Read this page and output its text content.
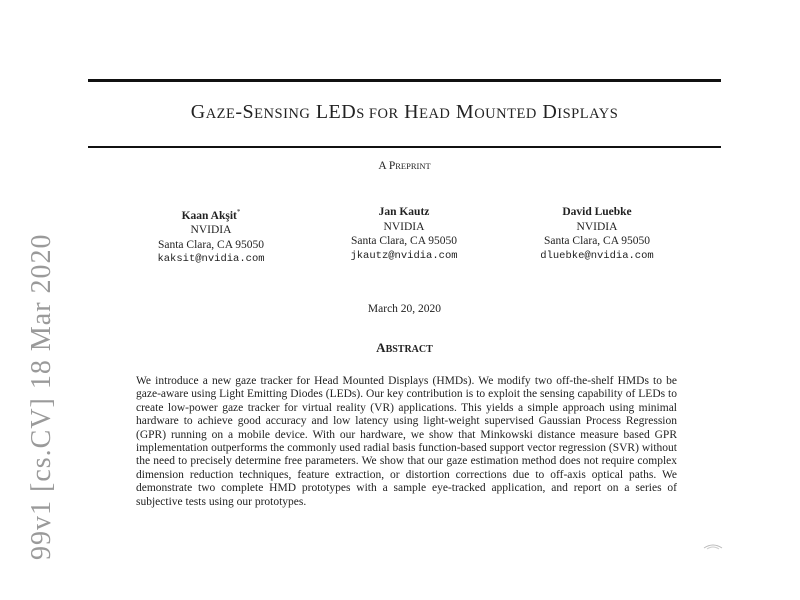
GAZE-SENSING LEDS FOR HEAD MOUNTED DISPLAYS
A PREPRINT
Kaan Akşit*
NVIDIA
Santa Clara, CA 95050
kaksit@nvidia.com
Jan Kautz
NVIDIA
Santa Clara, CA 95050
jkautz@nvidia.com
David Luebke
NVIDIA
Santa Clara, CA 95050
dluebke@nvidia.com
March 20, 2020
ABSTRACT
We introduce a new gaze tracker for Head Mounted Displays (HMDs). We modify two off-the-shelf HMDs to be gaze-aware using Light Emitting Diodes (LEDs). Our key contribution is to exploit the sensing capability of LEDs to create low-power gaze tracker for virtual reality (VR) applications. This yields a simple approach using minimal hardware to achieve good accuracy and low latency using light-weight supervised Gaussian Process Regression (GPR) running on a mobile device. With our hardware, we show that Minkowski distance measure based GPR implementation outperforms the commonly used radial basis function-based support vector regression (SVR) without the need to precisely determine free parameters. We show that our gaze estimation method does not require complex dimension reduction techniques, feature extraction, or distortion corrections due to off-axis optical paths. We demonstrate two complete HMD prototypes with a sample eye-tracked application, and report on a series of subjective tests using our prototypes.
99v1 [cs.CV] 18 Mar 2020
